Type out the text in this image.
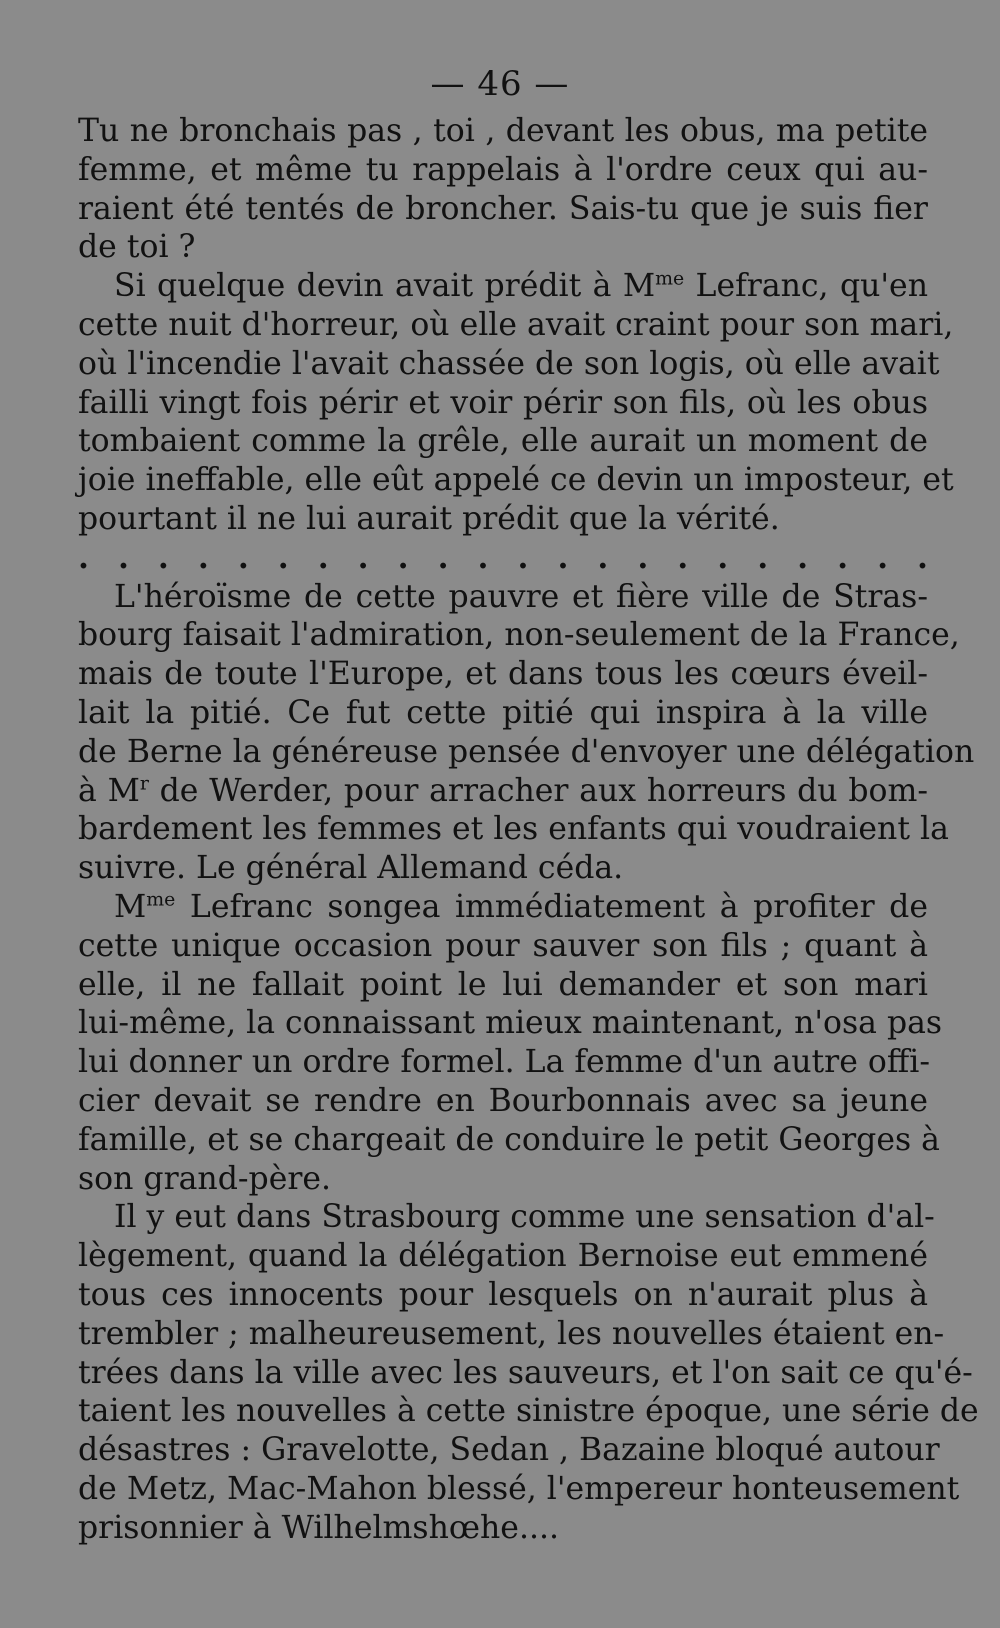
— 46 —
Tu ne bronchais pas , toi , devant les obus, ma petite
femme, et même tu rappelais à l'ordre ceux qui au-
raient été tentés de broncher. Sais-tu que je suis fier
de toi ?
Si quelque devin avait prédit à $M^{me}$ Lefranc, qu'en
cette nuit d'horreur, où elle avait craint pour son mari,
où l'incendie l'avait chassée de son logis, où elle avait
failli vingt fois périr et voir périr son fils, où les obus
tombaient comme la grêle, elle aurait un moment de
joie ineffable, elle eût appelé ce devin un imposteur, et
pourtant il ne lui aurait prédit que la vérité.
. . . . . . . . . . . . . . . . . . . . . .
L'héroïsme de cette pauvre et fière ville de Stras-
bourg faisait l'admiration, non-seulement de la France,
mais de toute l'Europe, et dans tous les cœurs éveil-
lait la pitié. Ce fut cette pitié qui inspira à la ville
de Berne la généreuse pensée d'envoyer une délégation
à $M^r$ de Werder, pour arracher aux horreurs du bom-
bardement les femmes et les enfants qui voudraient la
suivre. Le général Allemand céda.
$M^{me}$ Lefranc songea immédiatement à profiter de
cette unique occasion pour sauver son fils ; quant à
elle, il ne fallait point le lui demander et son mari
lui-même, la connaissant mieux maintenant, n'osa pas
lui donner un ordre formel. La femme d'un autre offi-
cier devait se rendre en Bourbonnais avec sa jeune
famille, et se chargeait de conduire le petit Georges à
son grand-père.
Il y eut dans Strasbourg comme une sensation d'al-
lègement, quand la délégation Bernoise eut emmené
tous ces innocents pour lesquels on n'aurait plus à
trembler ; malheureusement, les nouvelles étaient en-
trées dans la ville avec les sauveurs, et l'on sait ce qu'é-
taient les nouvelles à cette sinistre époque, une série de
désastres : Gravelotte, Sedan , Bazaine bloqué autour
de Metz, Mac-Mahon blessé, l'empereur honteusement
prisonnier à Wilhelmshœhe....
